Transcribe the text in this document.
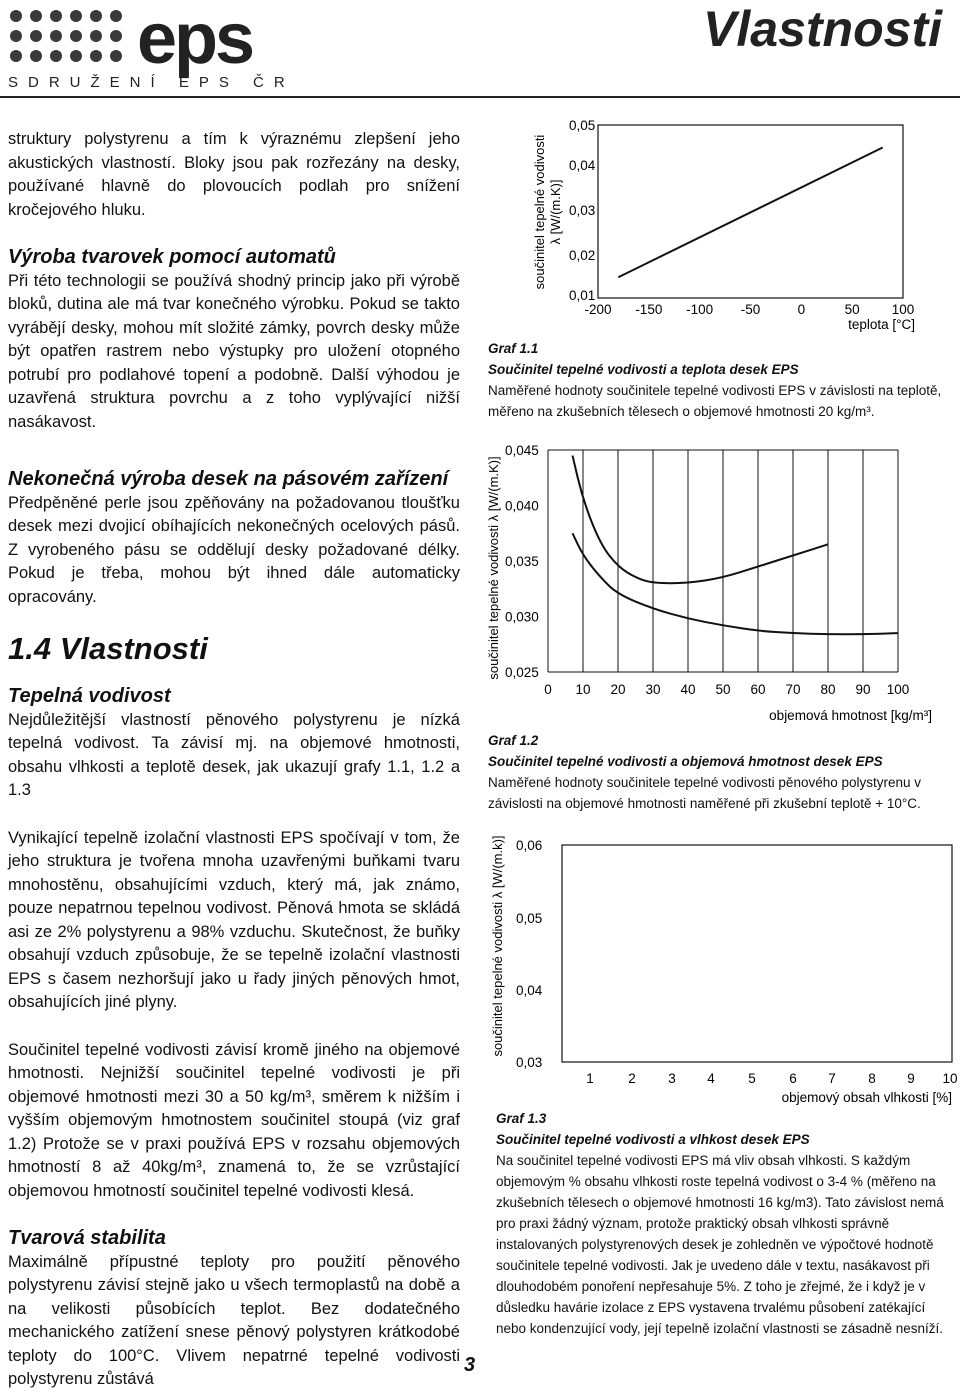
eps
SDRUŽENÍ EPS ČR
Vlastnosti

struktury polystyrenu a tím k výraznému zlepšení jeho akustických vlastností. Bloky jsou pak rozřezány na desky, používané hlavně do plovoucích podlah pro snížení kročejového hluku.

Výroba tvarovek pomocí automatů

Při této technologii se používá shodný princip jako při výrobě bloků, dutina ale má tvar konečného výrobku. Pokud se takto vyrábějí desky, mohou mít složité zámky, povrch desky může být opatřen rastrem nebo výstupky pro uložení otopného potrubí pro podlahové topení a podobně. Další výhodou je uzavřená struktura povrchu a z toho vyplývající nižší nasákavost.

Nekonečná výroba desek na pásovém zařízení

Předpěněné perle jsou zpěňovány na požadovanou tloušťku desek mezi dvojicí obíhajících nekonečných ocelových pásů. Z vyrobeného pásu se oddělují desky požadované délky. Pokud je třeba, mohou být ihned dále automaticky opracovány.

1.4 Vlastnosti
Tepelná vodivost

Nejdůležitější vlastností pěnového polystyrenu je nízká tepelná vodivost. Ta závisí mj. na objemové hmotnosti, obsahu vlhkosti a teplotě desek, jak ukazují grafy 1.1, 1.2 a 1.3

Vynikající tepelně izolační vlastnosti EPS spočívají v tom, že jeho struktura je tvořena mnoha uzavřenými buňkami tvaru mnohostěnu, obsahujícími vzduch, který má, jak známo, pouze nepatrnou tepelnou vodivost. Pěnová hmota se skládá asi ze 2% polystyrenu a 98% vzduchu. Skutečnost, že buňky obsahují vzduch způsobuje, že se tepelně izolační vlastnosti EPS s časem nezhoršují jako u řady jiných pěnových hmot, obsahujících jiné plyny.

Součinitel tepelné vodivosti závisí kromě jiného na objemové hmotnosti. Nejnižší součinitel tepelné vodivosti je při objemové hmotnosti mezi 30 a 50 kg/m³, směrem k nižším i vyšším objemovým hmotnostem součinitel stoupá (viz graf 1.2) Protože se v praxi používá EPS v rozsahu objemových hmotností 8 až 40kg/m³, znamená to, že se vzrůstající objemovou hmotností součinitel tepelné vodivosti klesá.

Tvarová stabilita

Maximálně přípustné teploty pro použití pěnového polystyrenu závisí stejně jako u všech termoplastů na době a na velikosti působících teplot. Bez dodatečného mechanického zatížení snese pěnový polystyren krátkodobé teploty do 100°C. Vlivem nepatrné tepelné vodivosti polystyrenu zůstává

0,05
0,04
0,03
0,02
0,01
-200 -150 -100 -50	0	50 100
teplota [°C]
součinitel tepelné vodivosti λ [W/(m.K)]
0,045
0,040
0,035
0,030
0,025
0 10 20 30 40 50 60 70 80 90 100
objemová hmotnost [kg/m³]
součinitel tepelné vodivosti λ [W/(m.K)]
0,06
0,05
0,04
0,03
1	2 3 4 5 6 7 8 9 10
objemový obsah vlhkosti [%]
součinitel tepelné vodivosti λ [W/(m.k)]
Graf 1.1
Součinitel tepelné vodivosti a teplota desek EPS
Naměřené hodnoty součinitele tepelné vodivosti EPS v závislosti na teplotě, měřeno na zkušebních tělesech o objemové hmotnosti 20 kg/m³.
Graf 1.2
Součinitel tepelné vodivosti a objemová hmotnost desek EPS
Naměřené hodnoty součinitele tepelné vodivosti pěnového polystyrenu v závislosti na objemové hmotnosti naměřené při zkušební teplotě + 10°C.
Graf 1.3
Součinitel tepelné vodivosti a vlhkost desek EPS
Na součinitel tepelné vodivosti EPS má vliv obsah vlhkosti. S každým objemovým % obsahu vlhkosti roste tepelná vodivost o 3-4 % (měřeno na zkušebních tělesech o objemové hmotnosti 16 kg/m3). Tato závislost nemá pro praxi žádný význam, protože praktický obsah vlhkosti správně instalovaných polystyrenových desek je zohledněn ve výpočtové hodnotě součinitele tepelné vodivosti. Jak je uvedeno dále v textu, nasákavost při dlouhodobém ponoření nepřesahuje 5%. Z toho je zřejmé, že i když je v důsledku havárie izolace z EPS vystavena trvalému působení zatékající nebo kondenzující vody, její tepelně izolační vlastnosti se zásadně nesníží.
3
